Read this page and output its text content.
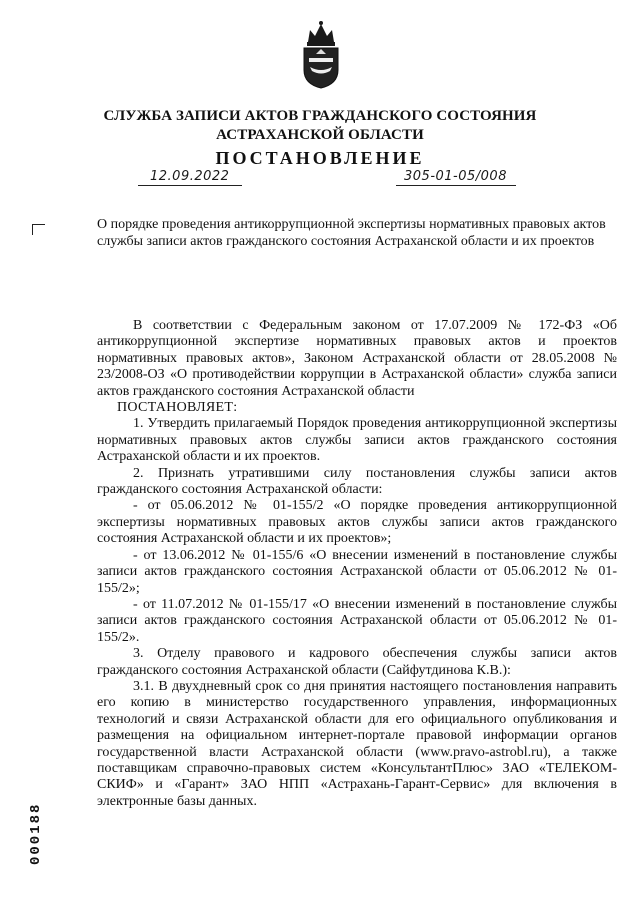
СЛУЖБА ЗАПИСИ АКТОВ ГРАЖДАНСКОГО СОСТОЯНИЯ
АСТРАХАНСКОЙ ОБЛАСТИ
ПОСТАНОВЛЕНИЕ
12.09.2022	305-01-05/008
О порядке проведения антикоррупционной экспертизы нормативных правовых актов службы записи актов гражданского состояния Астраханской области и их проектов

В соответствии с Федеральным законом от 17.07.2009 № 172-ФЗ «Об антикоррупционной экспертизе нормативных правовых актов и проектов нормативных правовых актов», Законом Астраханской области от 28.05.2008 № 23/2008-ОЗ «О противодействии коррупции в Астраханской области» служба записи актов гражданского состояния Астраханской области

ПОСТАНОВЛЯЕТ:

1. Утвердить прилагаемый Порядок проведения антикоррупционной экспертизы нормативных правовых актов службы записи актов гражданского состояния Астраханской области и их проектов.

2. Признать утратившими силу постановления службы записи актов гражданского состояния Астраханской области:

- от 05.06.2012 № 01-155/2 «О порядке проведения антикоррупционной экспертизы нормативных правовых актов службы записи актов гражданского состояния Астраханской области и их проектов»;

- от 13.06.2012 № 01-155/6 «О внесении изменений в постановление службы записи актов гражданского состояния Астраханской области от 05.06.2012 № 01-155/2»;

- от 11.07.2012 № 01-155/17 «О внесении изменений в постановление службы записи актов гражданского состояния Астраханской области от 05.06.2012 № 01-155/2».

3. Отделу правового и кадрового обеспечения службы записи актов гражданского состояния Астраханской области (Сайфутдинова К.В.):

3.1. В двухдневный срок со дня принятия настоящего постановления направить его копию в министерство государственного управления, информационных технологий и связи Астраханской области для его официального опубликования и размещения на официальном интернет-портале правовой информации органов государственной власти Астраханской области (www.pravo-astrobl.ru), а также поставщикам справочно-правовых систем «КонсультантПлюс» ЗАО «ТЕЛЕКОМ-СКИФ» и «Гарант» ЗАО НПП «Астрахань-Гарант-Сервис» для включения в электронные базы данных.

000188
